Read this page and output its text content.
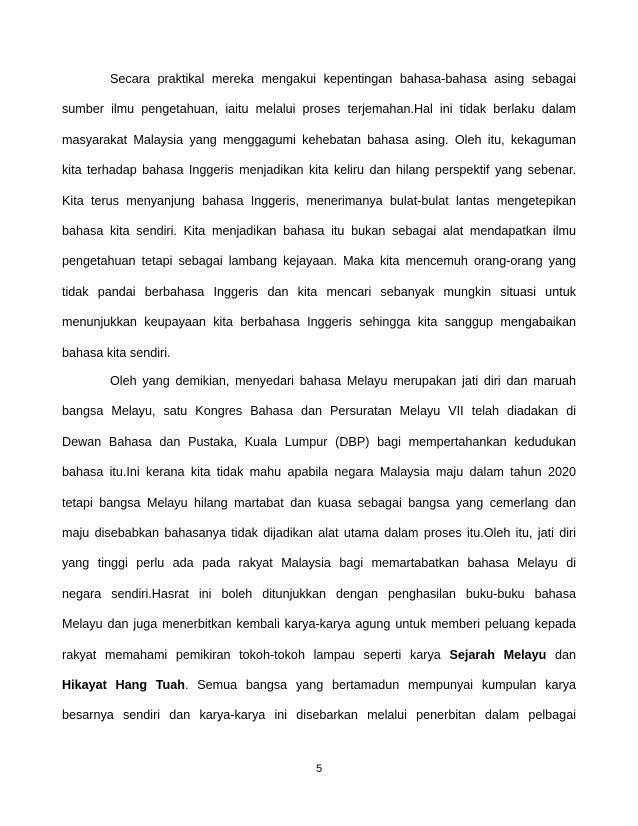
Secara praktikal mereka mengakui kepentingan bahasa-bahasa asing sebagai
sumber ilmu pengetahuan, iaitu melalui proses terjemahan.Hal ini tidak berlaku dalam
masyarakat Malaysia yang menggagumi kehebatan bahasa asing. Oleh itu, kekaguman
kita terhadap bahasa Inggeris menjadikan kita keliru dan hilang perspektif yang sebenar.
Kita terus menyanjung bahasa Inggeris, menerimanya bulat-bulat lantas mengetepikan
bahasa kita sendiri. Kita menjadikan bahasa itu bukan sebagai alat mendapatkan ilmu
pengetahuan tetapi sebagai lambang kejayaan. Maka kita mencemuh orang-orang yang
tidak pandai berbahasa Inggeris dan kita mencari sebanyak mungkin situasi untuk
menunjukkan keupayaan kita berbahasa Inggeris sehingga kita sanggup mengabaikan
bahasa kita sendiri.
Oleh yang demikian, menyedari bahasa Melayu merupakan jati diri dan maruah
bangsa Melayu, satu Kongres Bahasa dan Persuratan Melayu VII telah diadakan di
Dewan Bahasa dan Pustaka, Kuala Lumpur (DBP) bagi mempertahankan kedudukan
bahasa itu.Ini kerana kita tidak mahu apabila negara Malaysia maju dalam tahun 2020
tetapi bangsa Melayu hilang martabat dan kuasa sebagai bangsa yang cemerlang dan
maju disebabkan bahasanya tidak dijadikan alat utama dalam proses itu.Oleh itu, jati diri
yang tinggi perlu ada pada rakyat Malaysia bagi memartabatkan bahasa Melayu di
negara sendiri.Hasrat ini boleh ditunjukkan dengan penghasilan buku-buku bahasa
Melayu dan juga menerbitkan kembali karya-karya agung untuk memberi peluang kepada
rakyat memahami pemikiran tokoh-tokoh lampau seperti karya Sejarah Melayu dan
Hikayat Hang Tuah. Semua bangsa yang bertamadun mempunyai kumpulan karya
besarnya sendiri dan karya-karya ini disebarkan melalui penerbitan dalam pelbagai
5
